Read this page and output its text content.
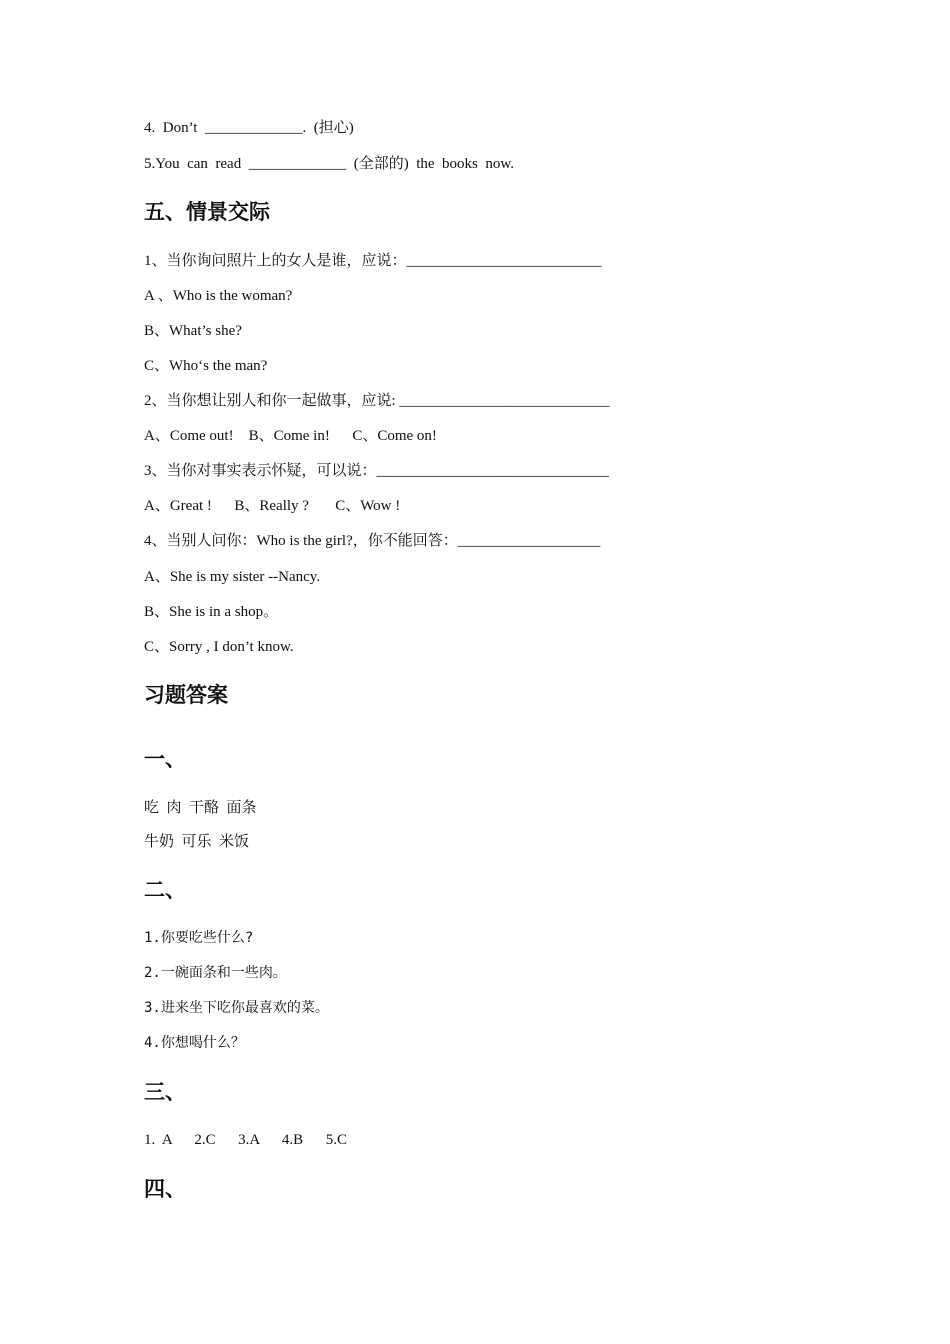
4.  Don’t  _____________.  (担心)

5.You  can  read  _____________  (全部的)  the  books  now.

五、情景交际

1、当你询问照片上的女人是谁，应说：__________________________

A 、Who is the woman?

B、What’s she?

C、Who‘s the man?

2、当你想让别人和你一起做事，应说: ____________________________

A、Come out!    B、Come in!      C、Come on!

3、当你对事实表示怀疑，可以说：_______________________________

A、Great !      B、Really ?       C、Wow !

4、当别人问你：Who is the girl?，你不能回答：___________________

A、She is my sister --Nancy.

B、She is in a shop。

C、Sorry , I don’t know.

习题答案

一、

吃  肉  干酪  面条

牛奶  可乐  米饭

二、

1.你要吃些什么?

2.一碗面条和一些肉。

3.进来坐下吃你最喜欢的菜。

4.你想喝什么？

三、

1.  A      2.C      3.A      4.B      5.C

四、
